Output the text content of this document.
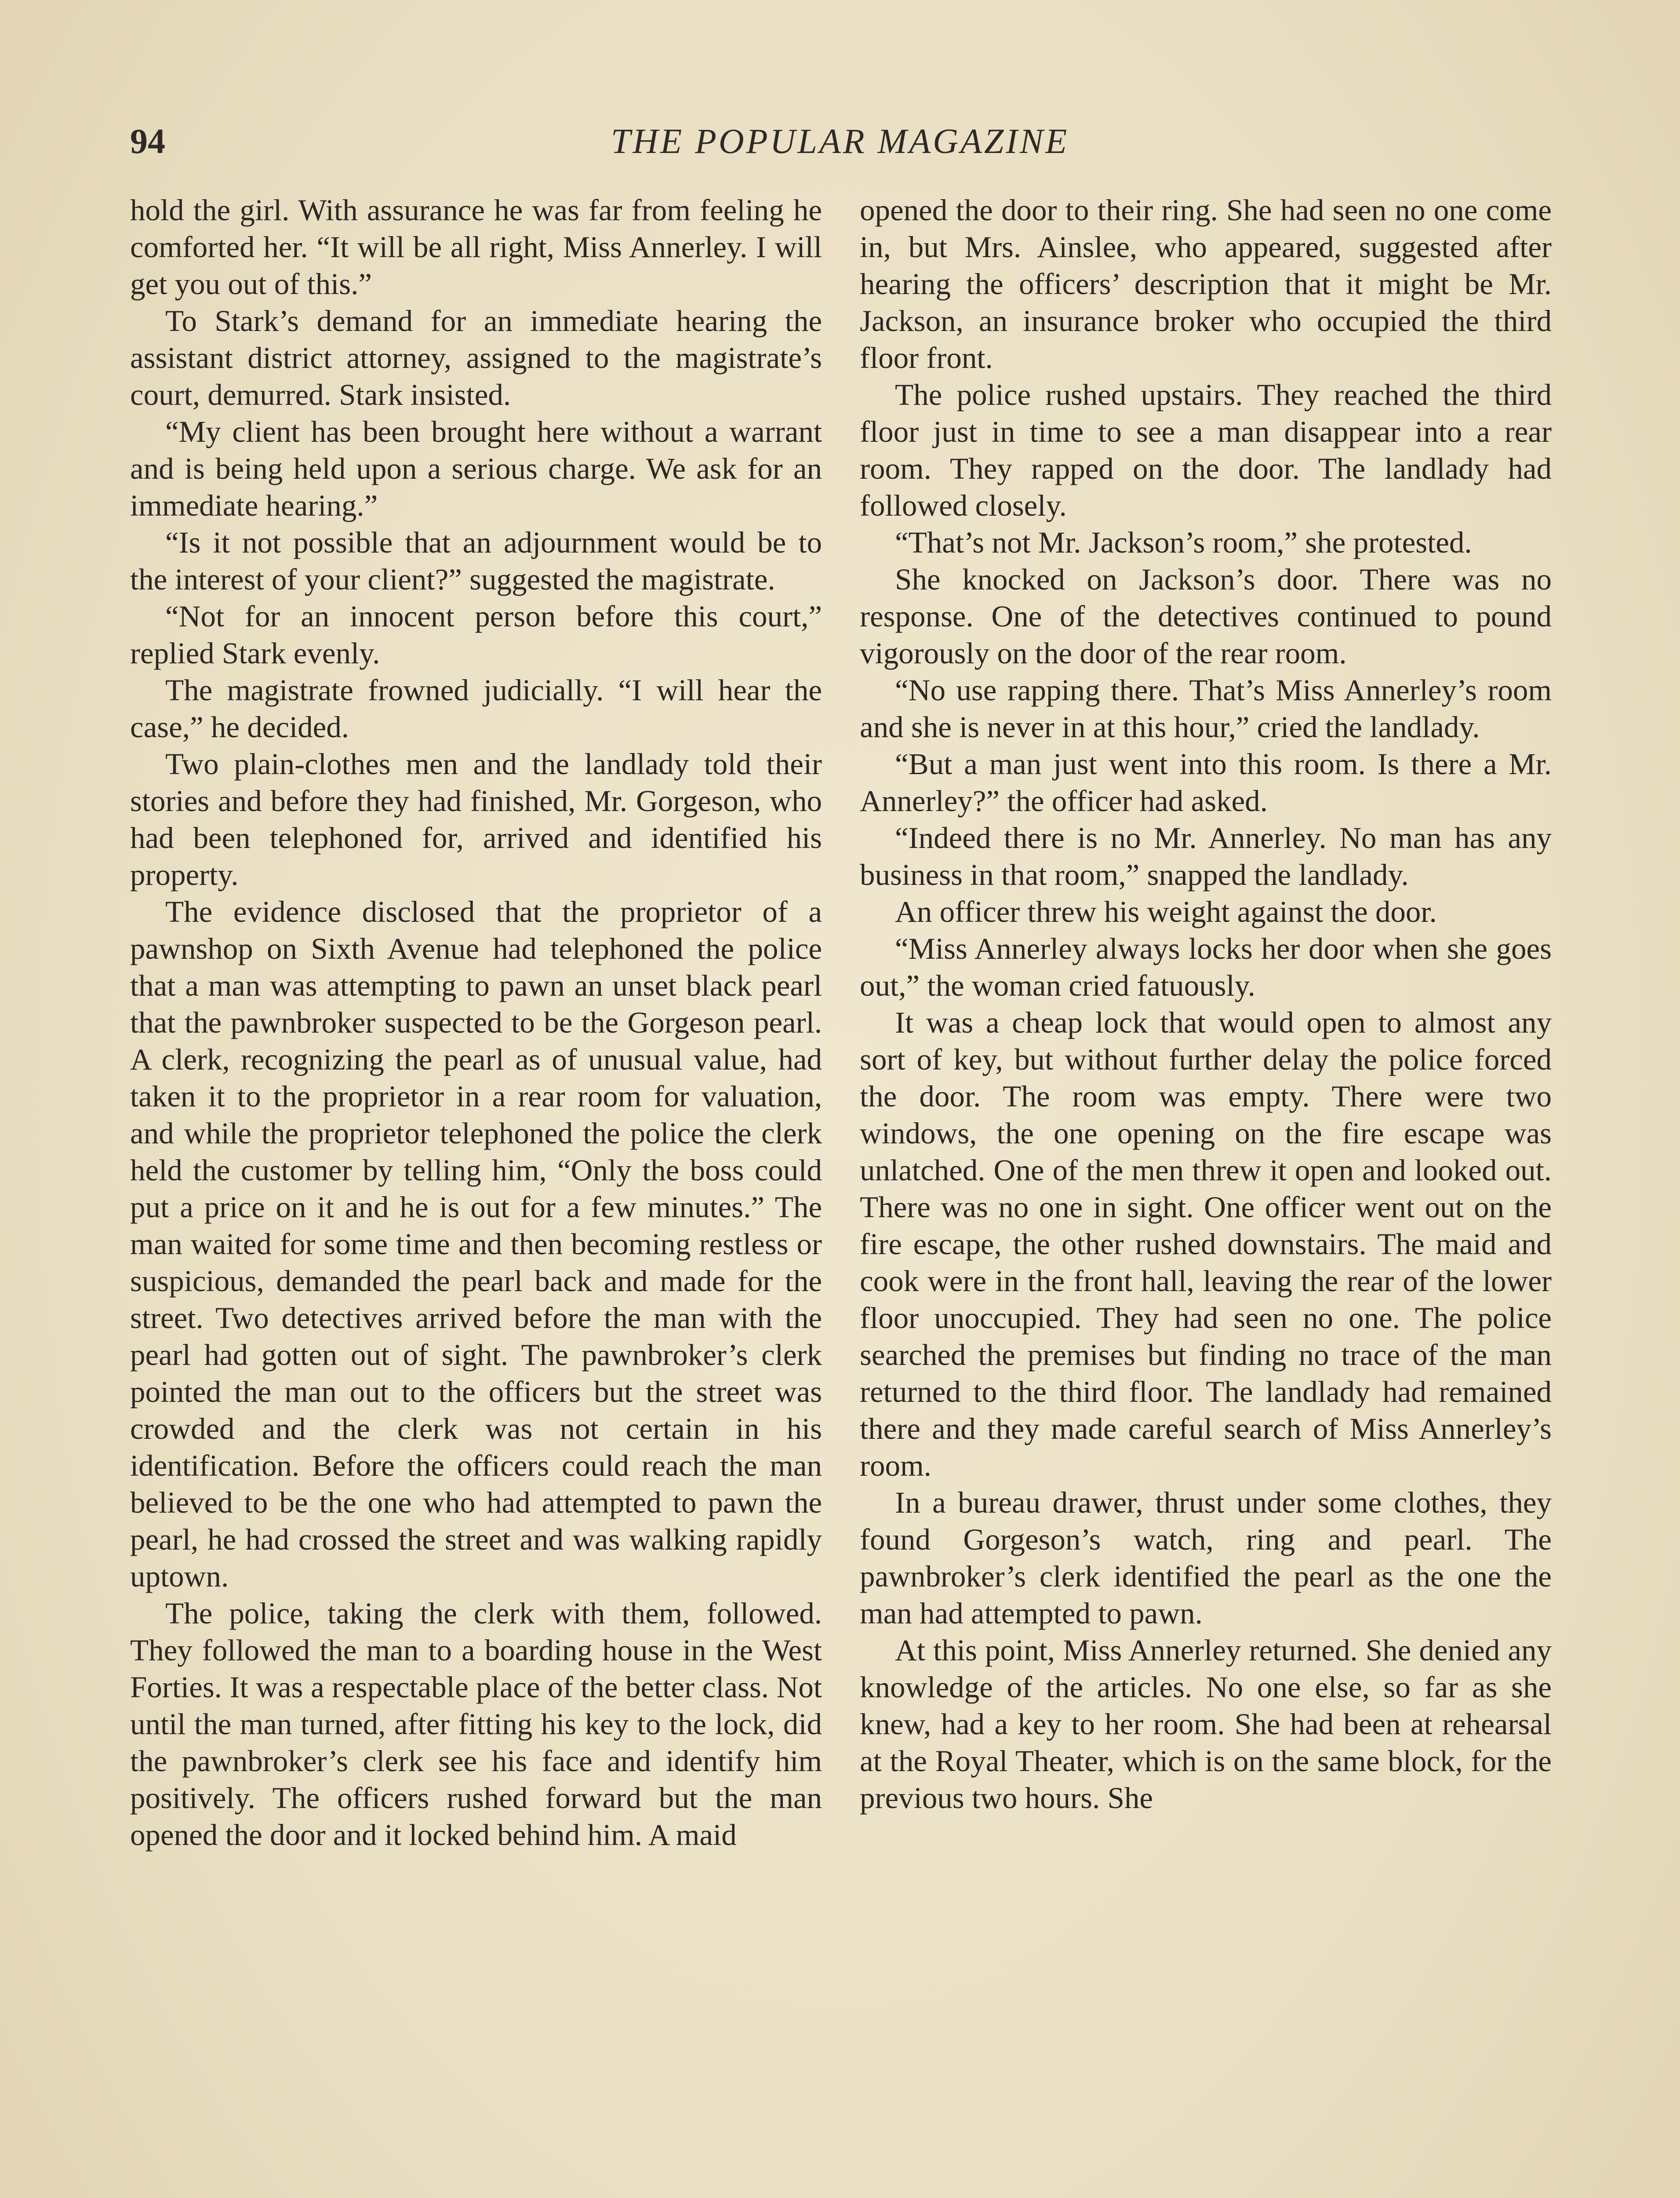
94	THE POPULAR MAGAZINE

hold the girl. With assurance he was far from feeling he comforted her. “It will be all right, Miss Annerley. I will get you out of this.”

To Stark’s demand for an immediate hearing the assistant district attorney, assigned to the magistrate’s court, demurred. Stark insisted.

“My client has been brought here without a warrant and is being held upon a serious charge. We ask for an immediate hearing.”

“Is it not possible that an adjournment would be to the interest of your client?” suggested the magistrate.

“Not for an innocent person before this court,” replied Stark evenly.

The magistrate frowned judicially. “I will hear the case,” he decided.

Two plain-clothes men and the landlady told their stories and before they had finished, Mr. Gorgeson, who had been telephoned for, arrived and identified his property.

The evidence disclosed that the proprietor of a pawnshop on Sixth Avenue had telephoned the police that a man was attempting to pawn an unset black pearl that the pawnbroker suspected to be the Gorgeson pearl. A clerk, recognizing the pearl as of unusual value, had taken it to the proprietor in a rear room for valuation, and while the proprietor telephoned the police the clerk held the customer by telling him, “Only the boss could put a price on it and he is out for a few minutes.” The man waited for some time and then becoming restless or suspicious, demanded the pearl back and made for the street. Two detectives arrived before the man with the pearl had gotten out of sight. The pawnbroker’s clerk pointed the man out to the officers but the street was crowded and the clerk was not certain in his identification. Before the officers could reach the man believed to be the one who had attempted to pawn the pearl, he had crossed the street and was walking rapidly uptown.

The police, taking the clerk with them, followed. They followed the man to a boarding house in the West Forties. It was a respectable place of the better class. Not until the man turned, after fitting his key to the lock, did the pawnbroker’s clerk see his face and identify him positively. The officers rushed forward but the man opened the door and it locked behind him. A maid

opened the door to their ring. She had seen no one come in, but Mrs. Ainslee, who appeared, suggested after hearing the officers’ description that it might be Mr. Jackson, an insurance broker who occupied the third floor front.

The police rushed upstairs. They reached the third floor just in time to see a man disappear into a rear room. They rapped on the door. The landlady had followed closely.

“That’s not Mr. Jackson’s room,” she protested.

She knocked on Jackson’s door. There was no response. One of the detectives continued to pound vigorously on the door of the rear room.

“No use rapping there. That’s Miss Annerley’s room and she is never in at this hour,” cried the landlady.

“But a man just went into this room. Is there a Mr. Annerley?” the officer had asked.

“Indeed there is no Mr. Annerley. No man has any business in that room,” snapped the landlady.

An officer threw his weight against the door.

“Miss Annerley always locks her door when she goes out,” the woman cried fatuously.

It was a cheap lock that would open to almost any sort of key, but without further delay the police forced the door. The room was empty. There were two windows, the one opening on the fire escape was unlatched. One of the men threw it open and looked out. There was no one in sight. One officer went out on the fire escape, the other rushed downstairs. The maid and cook were in the front hall, leaving the rear of the lower floor unoccupied. They had seen no one. The police searched the premises but finding no trace of the man returned to the third floor. The landlady had remained there and they made careful search of Miss Annerley’s room.

In a bureau drawer, thrust under some clothes, they found Gorgeson’s watch, ring and pearl. The pawnbroker’s clerk identified the pearl as the one the man had attempted to pawn.

At this point, Miss Annerley returned. She denied any knowledge of the articles. No one else, so far as she knew, had a key to her room. She had been at rehearsal at the Royal Theater, which is on the same block, for the previous two hours. She
